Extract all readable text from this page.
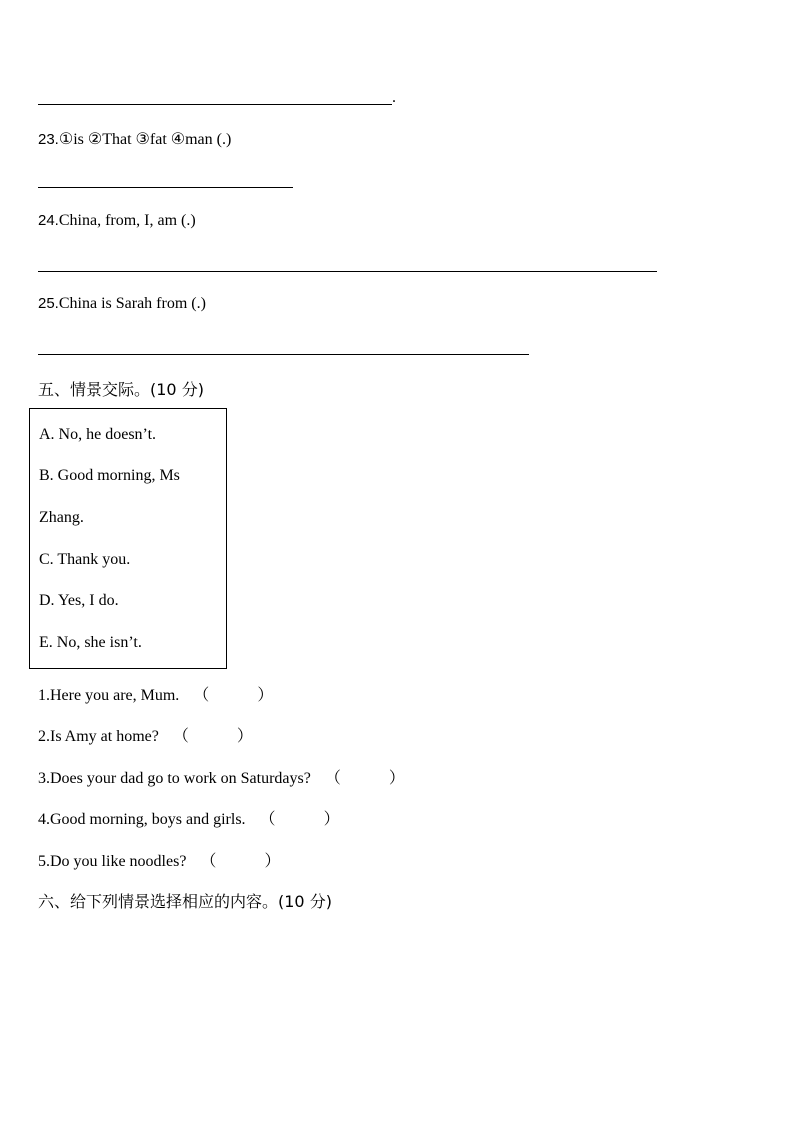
.
23.①is ②That ③fat ④man (.)
24.China, from, I, am (.)
25.China is Sarah from (.)
五、情景交际。(10 分)
A. No, he doesn’t.
B. Good morning, Ms
Zhang.
C. Thank you.
D. Yes, I do.
E. No, she isn’t.
1.Here you are, Mum. （	）
2.Is Amy at home? （	）
3.Does your dad go to work on Saturdays? （	）
4.Good morning, boys and girls. （	）
5.Do you like noodles? （	）
六、给下列情景选择相应的内容。(10 分)
